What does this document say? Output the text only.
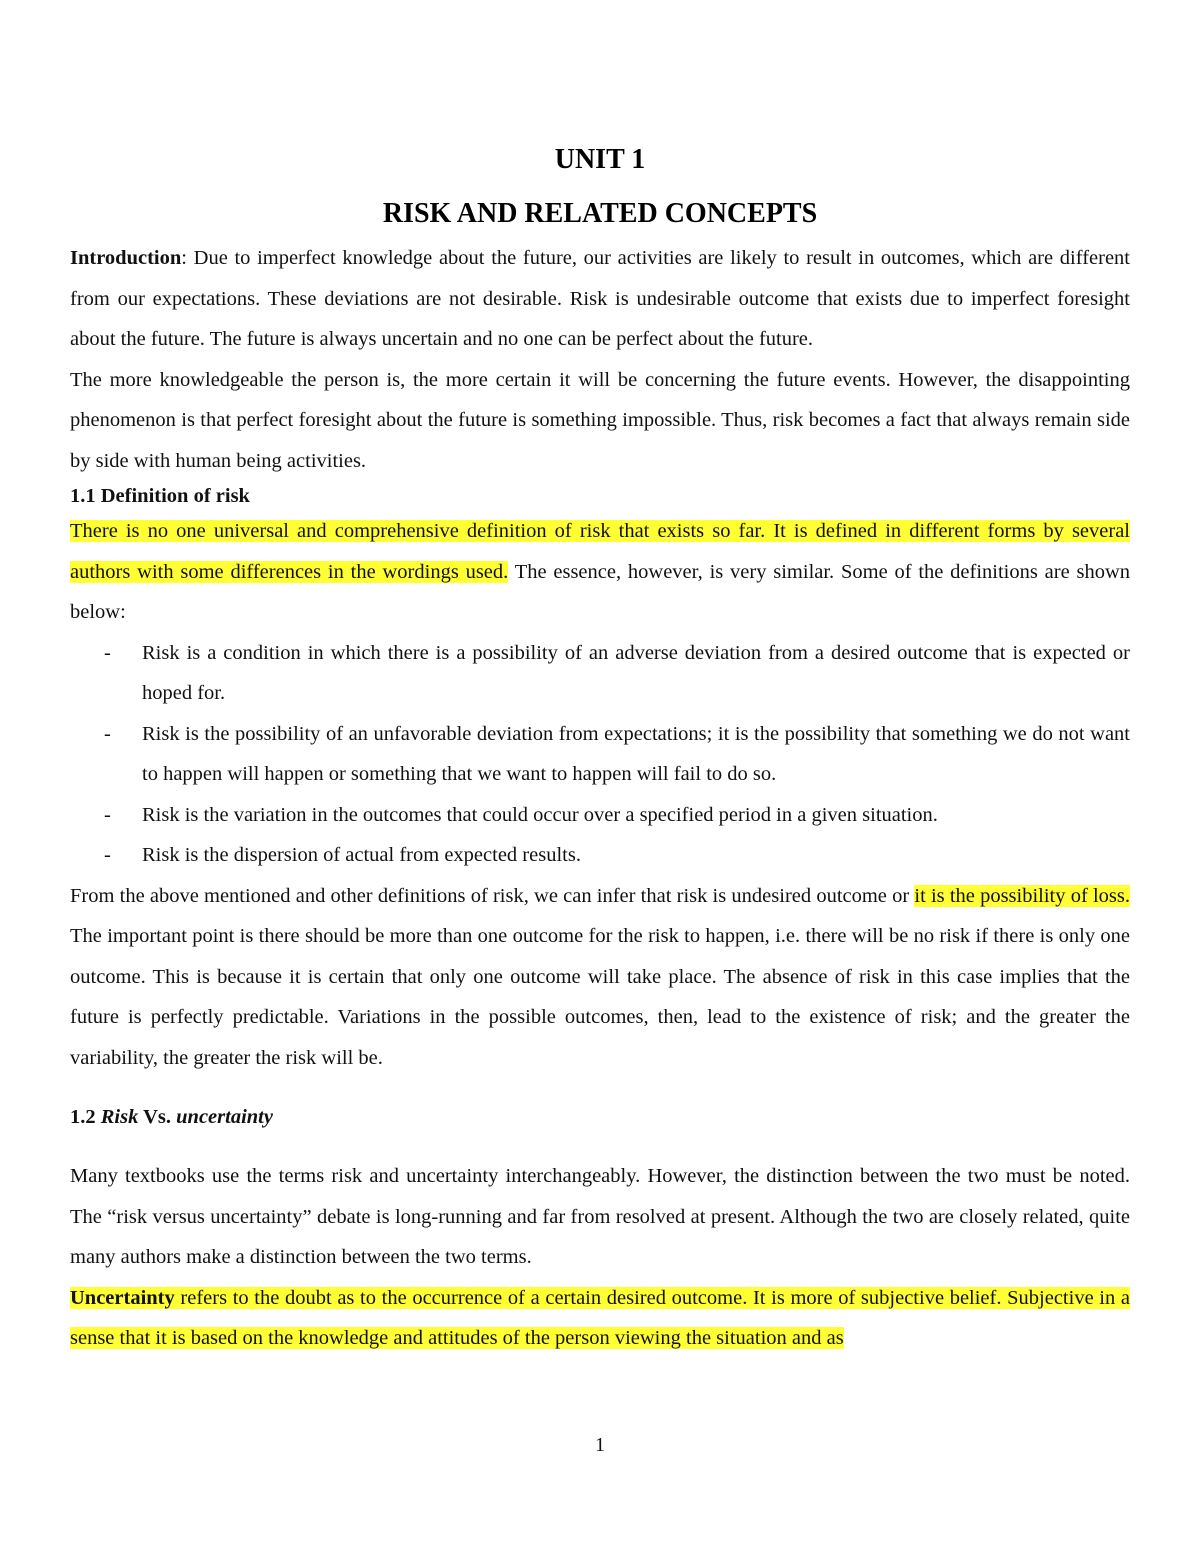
UNIT 1
RISK AND RELATED CONCEPTS

Introduction: Due to imperfect knowledge about the future, our activities are likely to result in outcomes, which are different from our expectations. These deviations are not desirable. Risk is undesirable outcome that exists due to imperfect foresight about the future. The future is always uncertain and no one can be perfect about the future.

The more knowledgeable the person is, the more certain it will be concerning the future events. However, the disappointing phenomenon is that perfect foresight about the future is something impossible. Thus, risk becomes a fact that always remain side by side with human being activities.

1.1 Definition of risk

There is no one universal and comprehensive definition of risk that exists so far. It is defined in different forms by several authors with some differences in the wordings used. The essence, however, is very similar. Some of the definitions are shown below:

-	Risk is a condition in which there is a possibility of an adverse deviation from a desired outcome that is expected or hoped for.
-	Risk is the possibility of an unfavorable deviation from expectations; it is the possibility that something we do not want to happen will happen or something that we want to happen will fail to do so.
-	Risk is the variation in the outcomes that could occur over a specified period in a given situation.
-	Risk is the dispersion of actual from expected results.

From the above mentioned and other definitions of risk, we can infer that risk is undesired outcome or it is the possibility of loss. The important point is there should be more than one outcome for the risk to happen, i.e. there will be no risk if there is only one outcome. This is because it is certain that only one outcome will take place. The absence of risk in this case implies that the future is perfectly predictable. Variations in the possible outcomes, then, lead to the existence of risk; and the greater the variability, the greater the risk will be.

1.2 Risk Vs. uncertainty

Many textbooks use the terms risk and uncertainty interchangeably. However, the distinction between the two must be noted. The “risk versus uncertainty” debate is long-running and far from resolved at present. Although the two are closely related, quite many authors make a distinction between the two terms.

Uncertainty refers to the doubt as to the occurrence of a certain desired outcome. It is more of subjective belief. Subjective in a sense that it is based on the knowledge and attitudes of the person viewing the situation and as

1
